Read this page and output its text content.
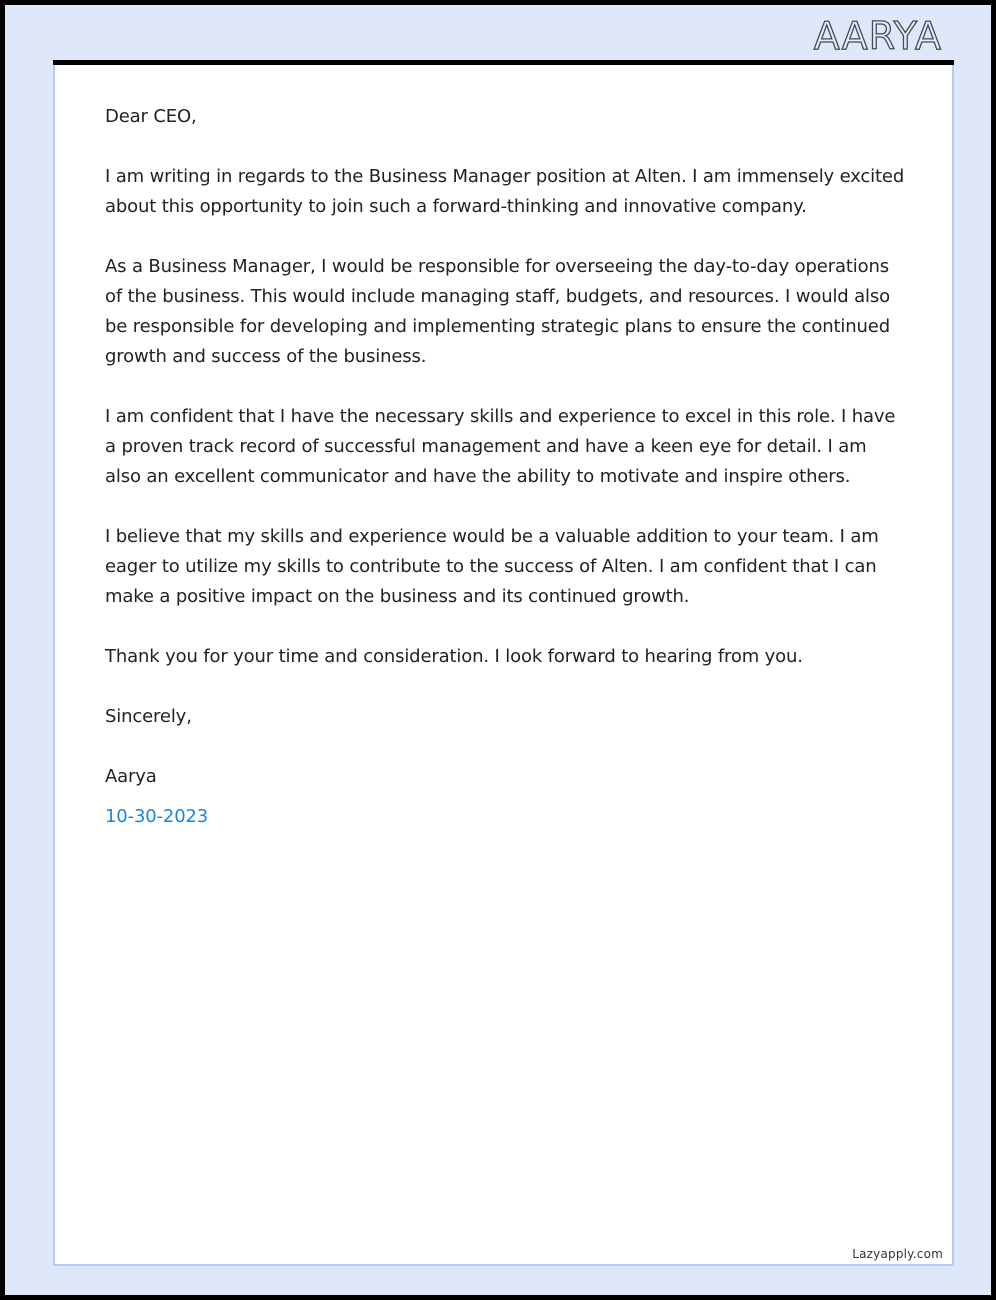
AARYA

Dear CEO,

I am writing in regards to the Business Manager position at Alten. I am immensely excited about this opportunity to join such a forward-thinking and innovative company.

As a Business Manager, I would be responsible for overseeing the day-to-day operations of the business. This would include managing staff, budgets, and resources. I would also be responsible for developing and implementing strategic plans to ensure the continued growth and success of the business.

I am confident that I have the necessary skills and experience to excel in this role. I have a proven track record of successful management and have a keen eye for detail. I am also an excellent communicator and have the ability to motivate and inspire others.

I believe that my skills and experience would be a valuable addition to your team. I am eager to utilize my skills to contribute to the success of Alten. I am confident that I can make a positive impact on the business and its continued growth.

Thank you for your time and consideration. I look forward to hearing from you.

Sincerely,

Aarya

10-30-2023

Lazyapply.com
